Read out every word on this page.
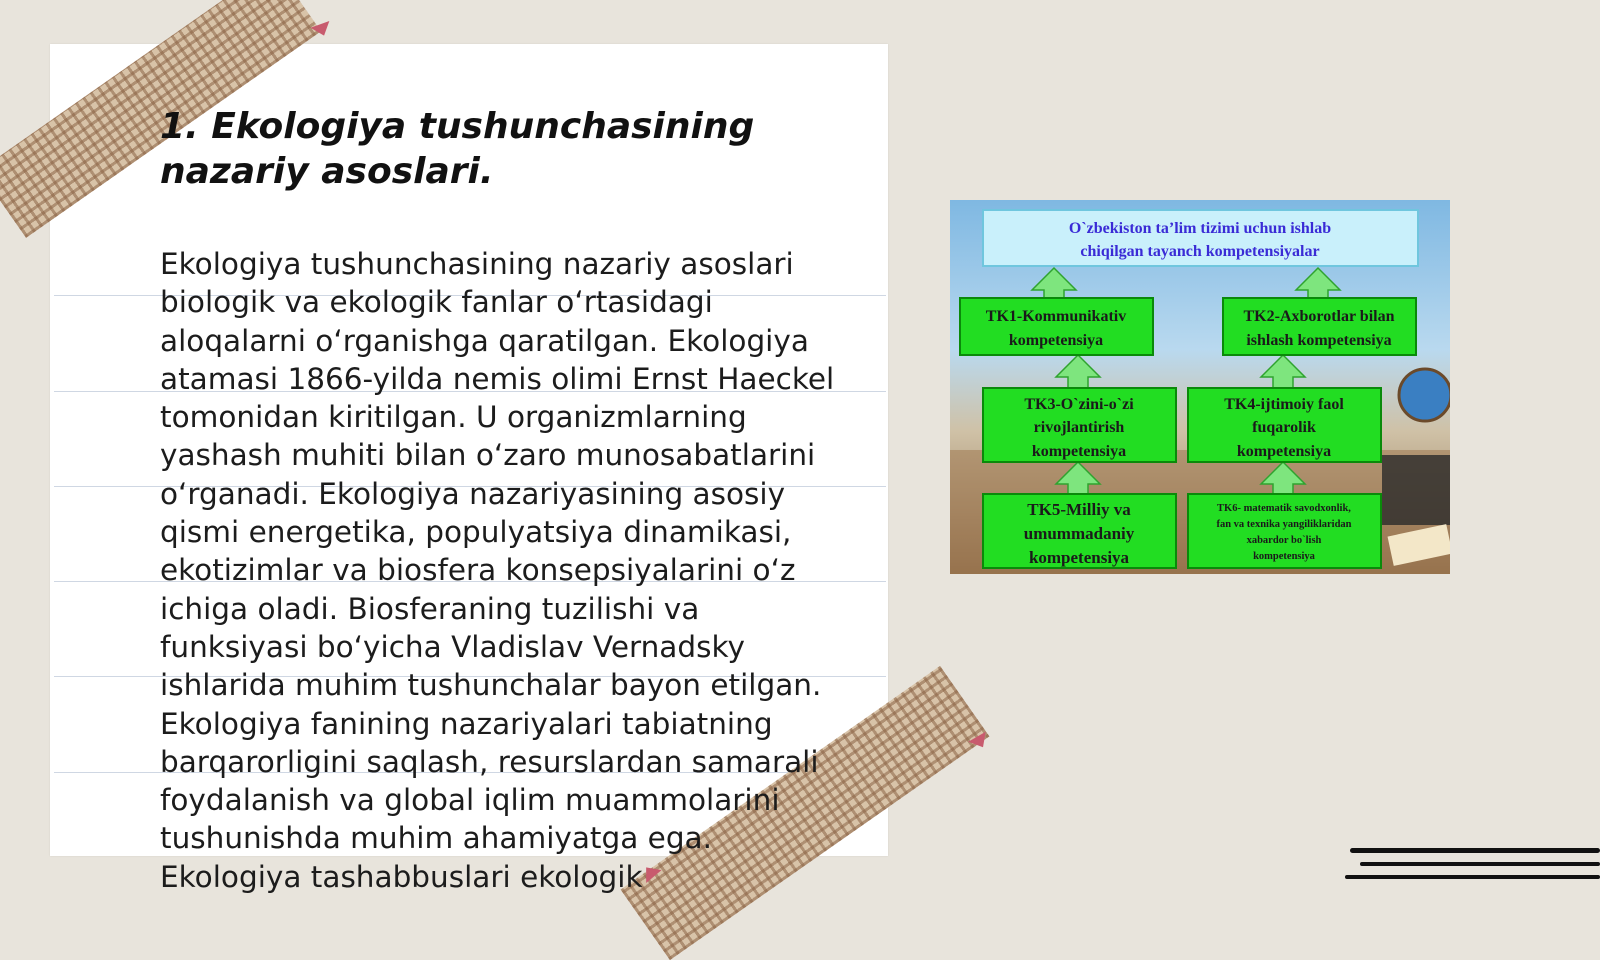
1. Ekologiya tushunchasining nazariy asoslari.

Ekologiya tushunchasining nazariy asoslari
biologik va ekologik fanlar o‘rtasidagi
aloqalarni o‘rganishga qaratilgan. Ekologiya
atamasi 1866-yilda nemis olimi Ernst Haeckel
tomonidan kiritilgan. U organizmlarning
yashash muhiti bilan o‘zaro munosabatlarini
o‘rganadi. Ekologiya nazariyasining asosiy
qismi energetika, populyatsiya dinamikasi,
ekotizimlar va biosfera konsepsiyalarini o‘z
ichiga oladi. Biosferaning tuzilishi va
funksiyasi bo‘yicha Vladislav Vernadsky
ishlarida muhim tushunchalar bayon etilgan.
Ekologiya fanining nazariyalari tabiatning
barqarorligini saqlash, resurslardan samarali
foydalanish va global iqlim muammolarini
tushunishda muhim ahamiyatga ega.
Ekologiya tashabbuslari ekologik

O`zbekiston ta’lim tizimi uchun ishlab
chiqilgan tayanch kompetensiyalar
TK1-Kommunikativ
kompetensiya
TK2-Axborotlar bilan
ishlash kompetensiya
TK3-O`zini-o`zi
rivojlantirish
kompetensiya
TK4-ijtimoiy faol
fuqarolik
kompetensiya
TK5-Milliy va
umummadaniy
kompetensiya
TK6- matematik savodxonlik,
fan va texnika yangiliklaridan
xabardor bo`lish
kompetensiya
